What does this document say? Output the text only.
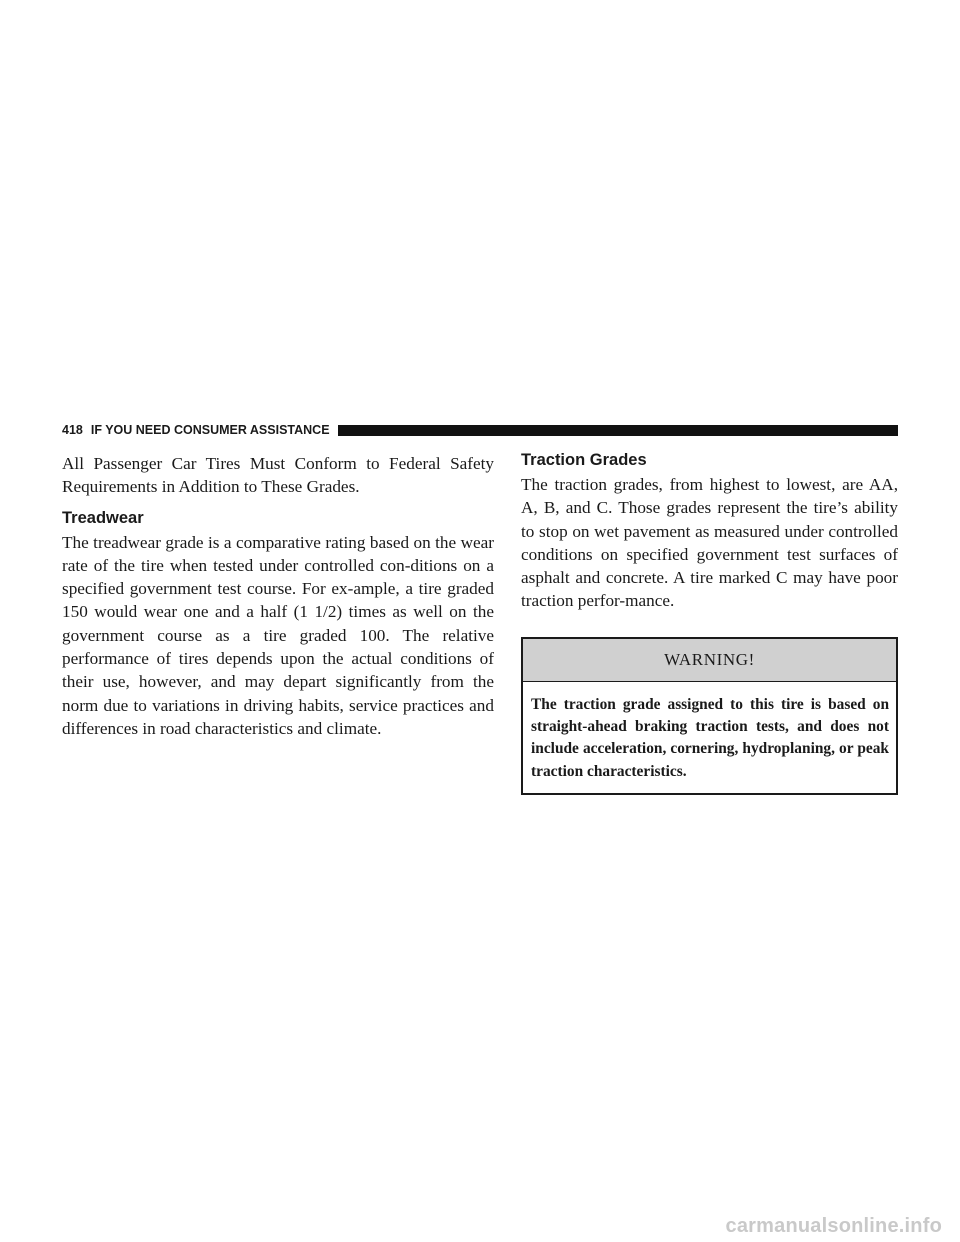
418 IF YOU NEED CONSUMER ASSISTANCE

All Passenger Car Tires Must Conform to Federal Safety Requirements in Addition to These Grades.

Treadwear

The treadwear grade is a comparative rating based on the wear rate of the tire when tested under controlled con-ditions on a specified government test course. For ex-ample, a tire graded 150 would wear one and a half (1 1/2) times as well on the government course as a tire graded 100. The relative performance of tires depends upon the actual conditions of their use, however, and may depart significantly from the norm due to variations in driving habits, service practices and differences in road characteristics and climate.

Traction Grades

The traction grades, from highest to lowest, are AA, A, B, and C. Those grades represent the tire’s ability to stop on wet pavement as measured under controlled conditions on specified government test surfaces of asphalt and concrete. A tire marked C may have poor traction perfor-mance.

WARNING!

The traction grade assigned to this tire is based on straight-ahead braking traction tests, and does not include acceleration, cornering, hydroplaning, or peak traction characteristics.

carmanualsonline.info
